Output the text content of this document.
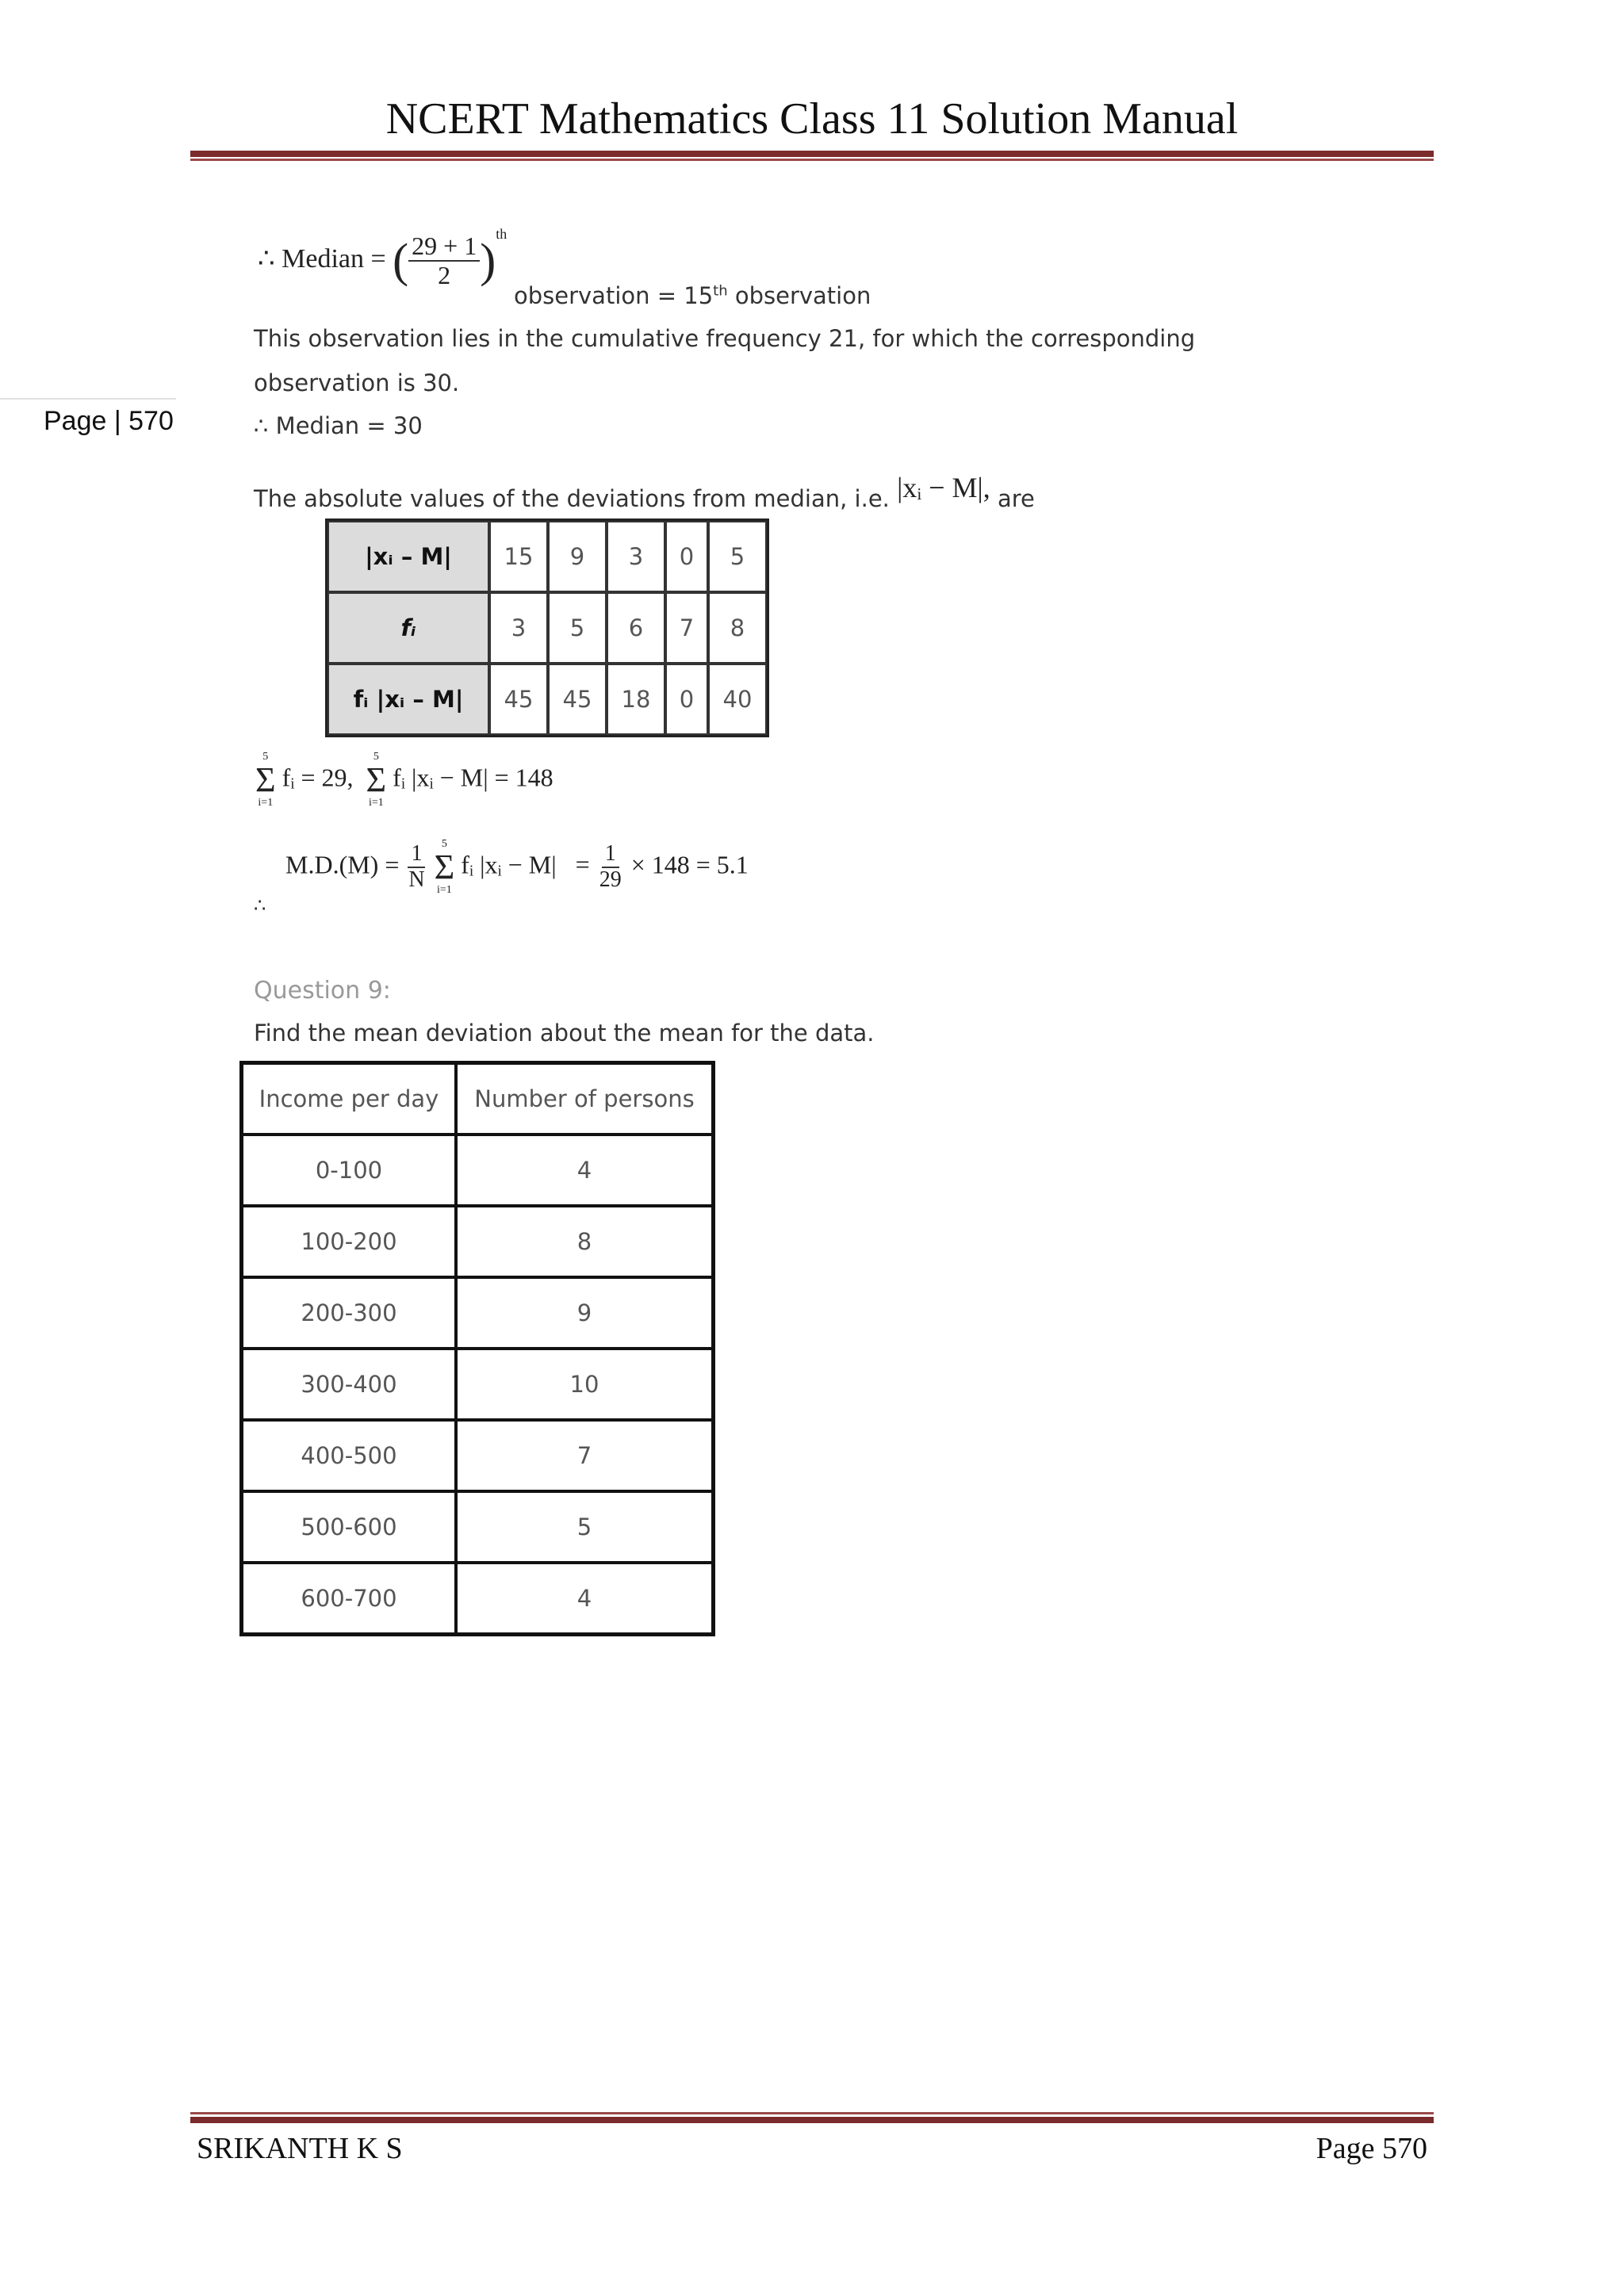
NCERT Mathematics Class 11 Solution Manual
Page | 570
∴ Median = ( $\frac{29 + 1}{2} )^{th}$
observation = 15th observation
This observation lies in the cumulative frequency 21, for which the corresponding
observation is 30.
∴ Median = 30
The absolute values of the deviations from median, i.e. |xᵢ − M|, are
|xᵢ – M|	15	9	3	0	5
fᵢ	3	5	6	7	8
fᵢ |xᵢ – M|	45	45	18	0	40
5
Σ
i=1
fᵢ = 29,
5
Σ
i=1
fᵢ |xᵢ − M| = 148
∴
$M.D.(M) = \frac{1}{N}$
5
Σ
i=1
fᵢ |xᵢ − $M| = \frac{1}{29} \times 148 = 5.1$
Question 9:
Find the mean deviation about the mean for the data.
Income per day	Number of persons
0-100	4
100-200	8
200-300	9
300-400	10
400-500	7
500-600	5
600-700	4
SRIKANTH K S	Page 570
